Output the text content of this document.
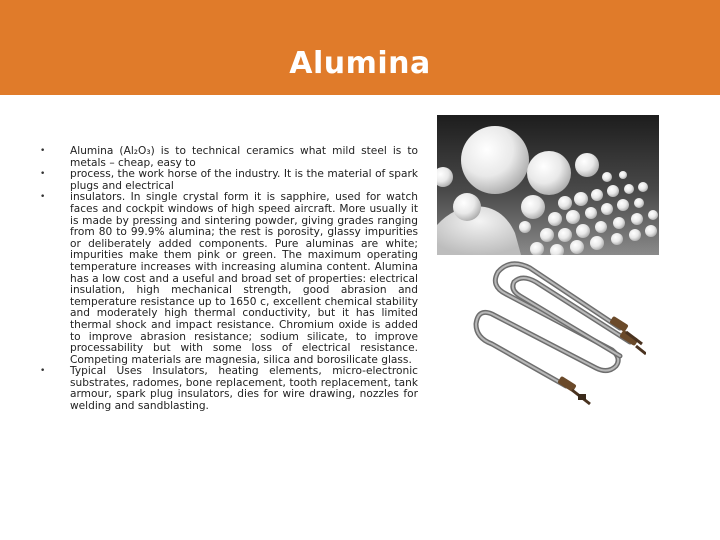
Alumina
• Alumina (Al₂O₃) is to technical ceramics what mild steel is to metals – cheap, easy to
• process, the work horse of the industry. It is the material of spark plugs and electrical
• insulators. In single crystal form it is sapphire, used for watch faces and cockpit windows of high speed aircraft. More usually it is made by pressing and sintering powder, giving grades ranging from 80 to 99.9% alumina; the rest is porosity, glassy impurities or deliberately added components. Pure aluminas are white; impurities make them pink or green. The maximum operating temperature increases with increasing alumina content. Alumina has a low cost and a useful and broad set of properties: electrical insulation, high mechanical strength, good abrasion and temperature resistance up to 1650 c, excellent chemical stability and moderately high thermal conductivity, but it has limited thermal shock and impact resistance. Chromium oxide is added to improve abrasion resistance; sodium silicate, to improve processability but with some loss of electrical resistance. Competing materials are magnesia, silica and borosilicate glass.
• Typical Uses Insulators, heating elements, micro-electronic substrates, radomes, bone replacement, tooth replacement, tank armour, spark plug insulators, dies for wire drawing, nozzles for welding and sandblasting.
